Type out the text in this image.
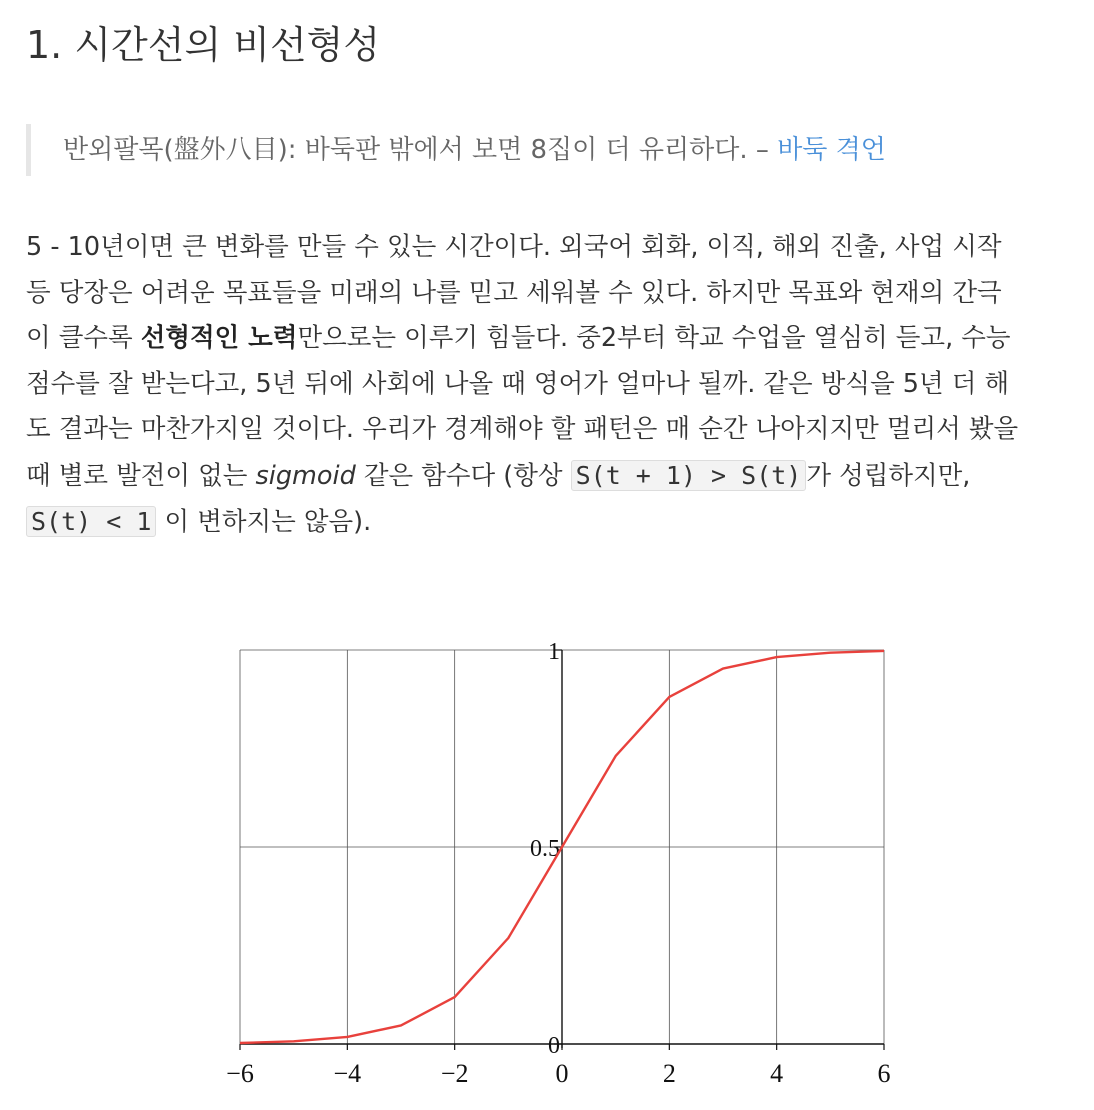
1. 시간선의 비선형성
반외팔목(盤外八目): 바둑판 밖에서 보면 8집이 더 유리하다. – 바둑 격언
5 - 10년이면 큰 변화를 만들 수 있는 시간이다. 외국어 회화, 이직, 해외 진출, 사업 시작
등 당장은 어려운 목표들을 미래의 나를 믿고 세워볼 수 있다. 하지만 목표와 현재의 간극
이 클수록 선형적인 노력만으로는 이루기 힘들다. 중2부터 학교 수업을 열심히 듣고, 수능
점수를 잘 받는다고, 5년 뒤에 사회에 나올 때 영어가 얼마나 될까. 같은 방식을 5년 더 해
도 결과는 마찬가지일 것이다. 우리가 경계해야 할 패턴은 매 순간 나아지지만 멀리서 봤을
때 별로 발전이 없는 sigmoid 같은 함수다 (항상 S(t + 1) > S(t) 가 성립하지만,
S(t) < 1 이 변하지는 않음).
−6	−4	−2	0	2	4	6
0
0.5
1
